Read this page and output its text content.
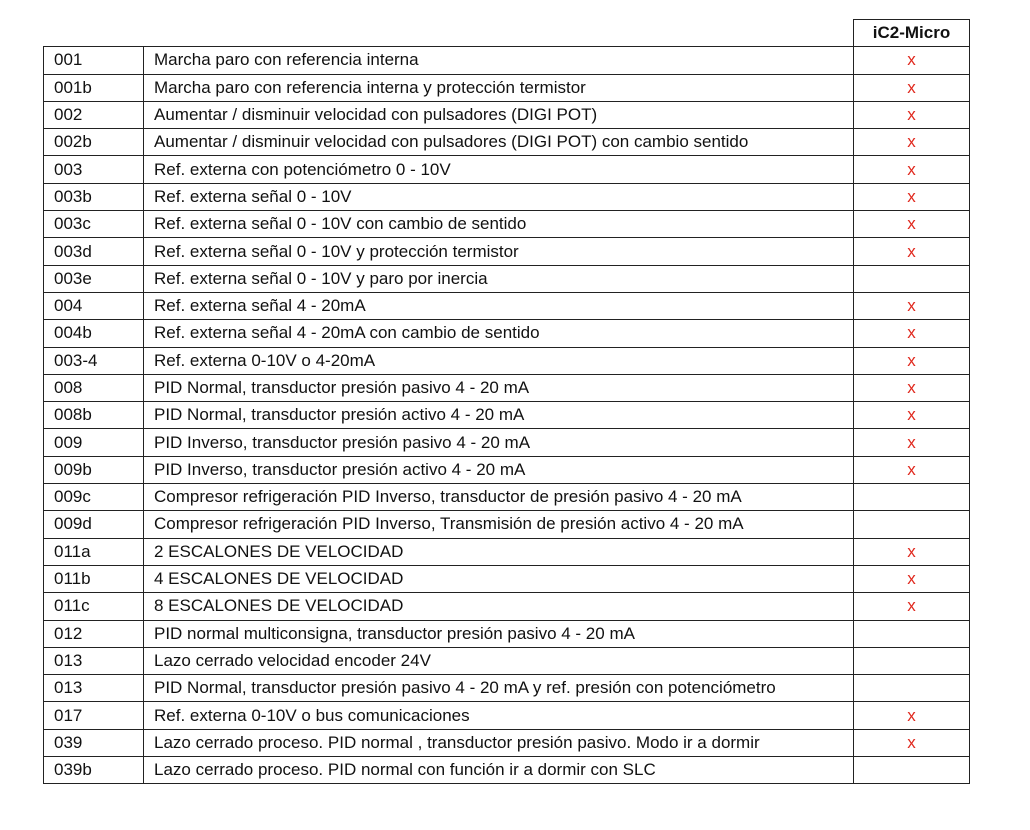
		iC2-Micro
001	Marcha paro con referencia interna	x
001b	Marcha paro con referencia interna y protección termistor	x
002	Aumentar / disminuir velocidad con pulsadores (DIGI POT)	x
002b	Aumentar / disminuir velocidad con pulsadores (DIGI POT) con cambio sentido	x
003	Ref. externa con potenciómetro 0 - 10V	x
003b	Ref. externa señal 0 - 10V	x
003c	Ref. externa señal 0 - 10V con cambio de sentido	x
003d	Ref. externa señal 0 - 10V y protección termistor	x
003e	Ref. externa señal 0 - 10V y paro por inercia	
004	Ref. externa señal 4 - 20mA	x
004b	Ref. externa señal 4 - 20mA con cambio de sentido	x
003-4	Ref. externa 0-10V o 4-20mA	x
008	PID Normal, transductor presión pasivo 4 - 20 mA	x
008b	PID Normal, transductor presión activo 4 - 20 mA	x
009	PID Inverso, transductor presión pasivo 4 - 20 mA	x
009b	PID Inverso, transductor presión activo 4 - 20 mA	x
009c	Compresor refrigeración PID Inverso, transductor de presión pasivo 4 - 20 mA	
009d	Compresor refrigeración PID Inverso, Transmisión de presión activo 4 - 20 mA	
011a	2 ESCALONES DE VELOCIDAD	x
011b	4 ESCALONES DE VELOCIDAD	x
011c	8 ESCALONES DE VELOCIDAD	x
012	PID normal multiconsigna, transductor presión pasivo 4 - 20 mA	
013	Lazo cerrado velocidad encoder 24V	
013	PID Normal, transductor presión pasivo 4 - 20 mA y ref. presión con potenciómetro	
017	Ref. externa 0-10V o bus comunicaciones	x
039	Lazo cerrado proceso. PID normal , transductor presión pasivo. Modo ir a dormir	x
039b	Lazo cerrado proceso. PID normal con función ir a dormir con SLC	
